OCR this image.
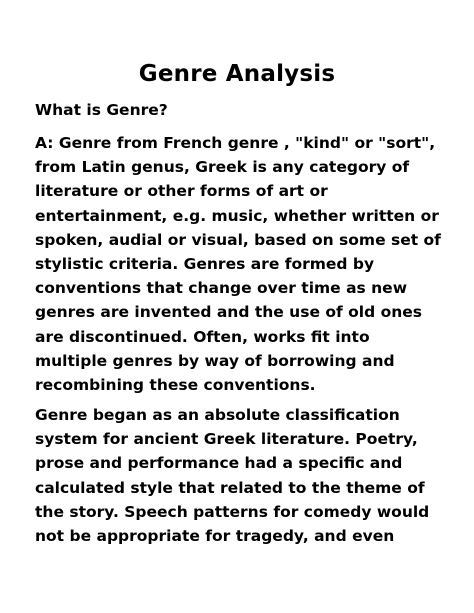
Genre Analysis

What is Genre?

A: Genre from French genre , "kind" or "sort",
from Latin genus, Greek is any category of
literature or other forms of art or
entertainment, e.g. music, whether written or
spoken, audial or visual, based on some set of
stylistic criteria. Genres are formed by
conventions that change over time as new
genres are invented and the use of old ones
are discontinued. Often, works fit into
multiple genres by way of borrowing and
recombining these conventions.

Genre began as an absolute classification
system for ancient Greek literature. Poetry,
prose and performance had a specific and
calculated style that related to the theme of
the story. Speech patterns for comedy would
not be appropriate for tragedy, and even
